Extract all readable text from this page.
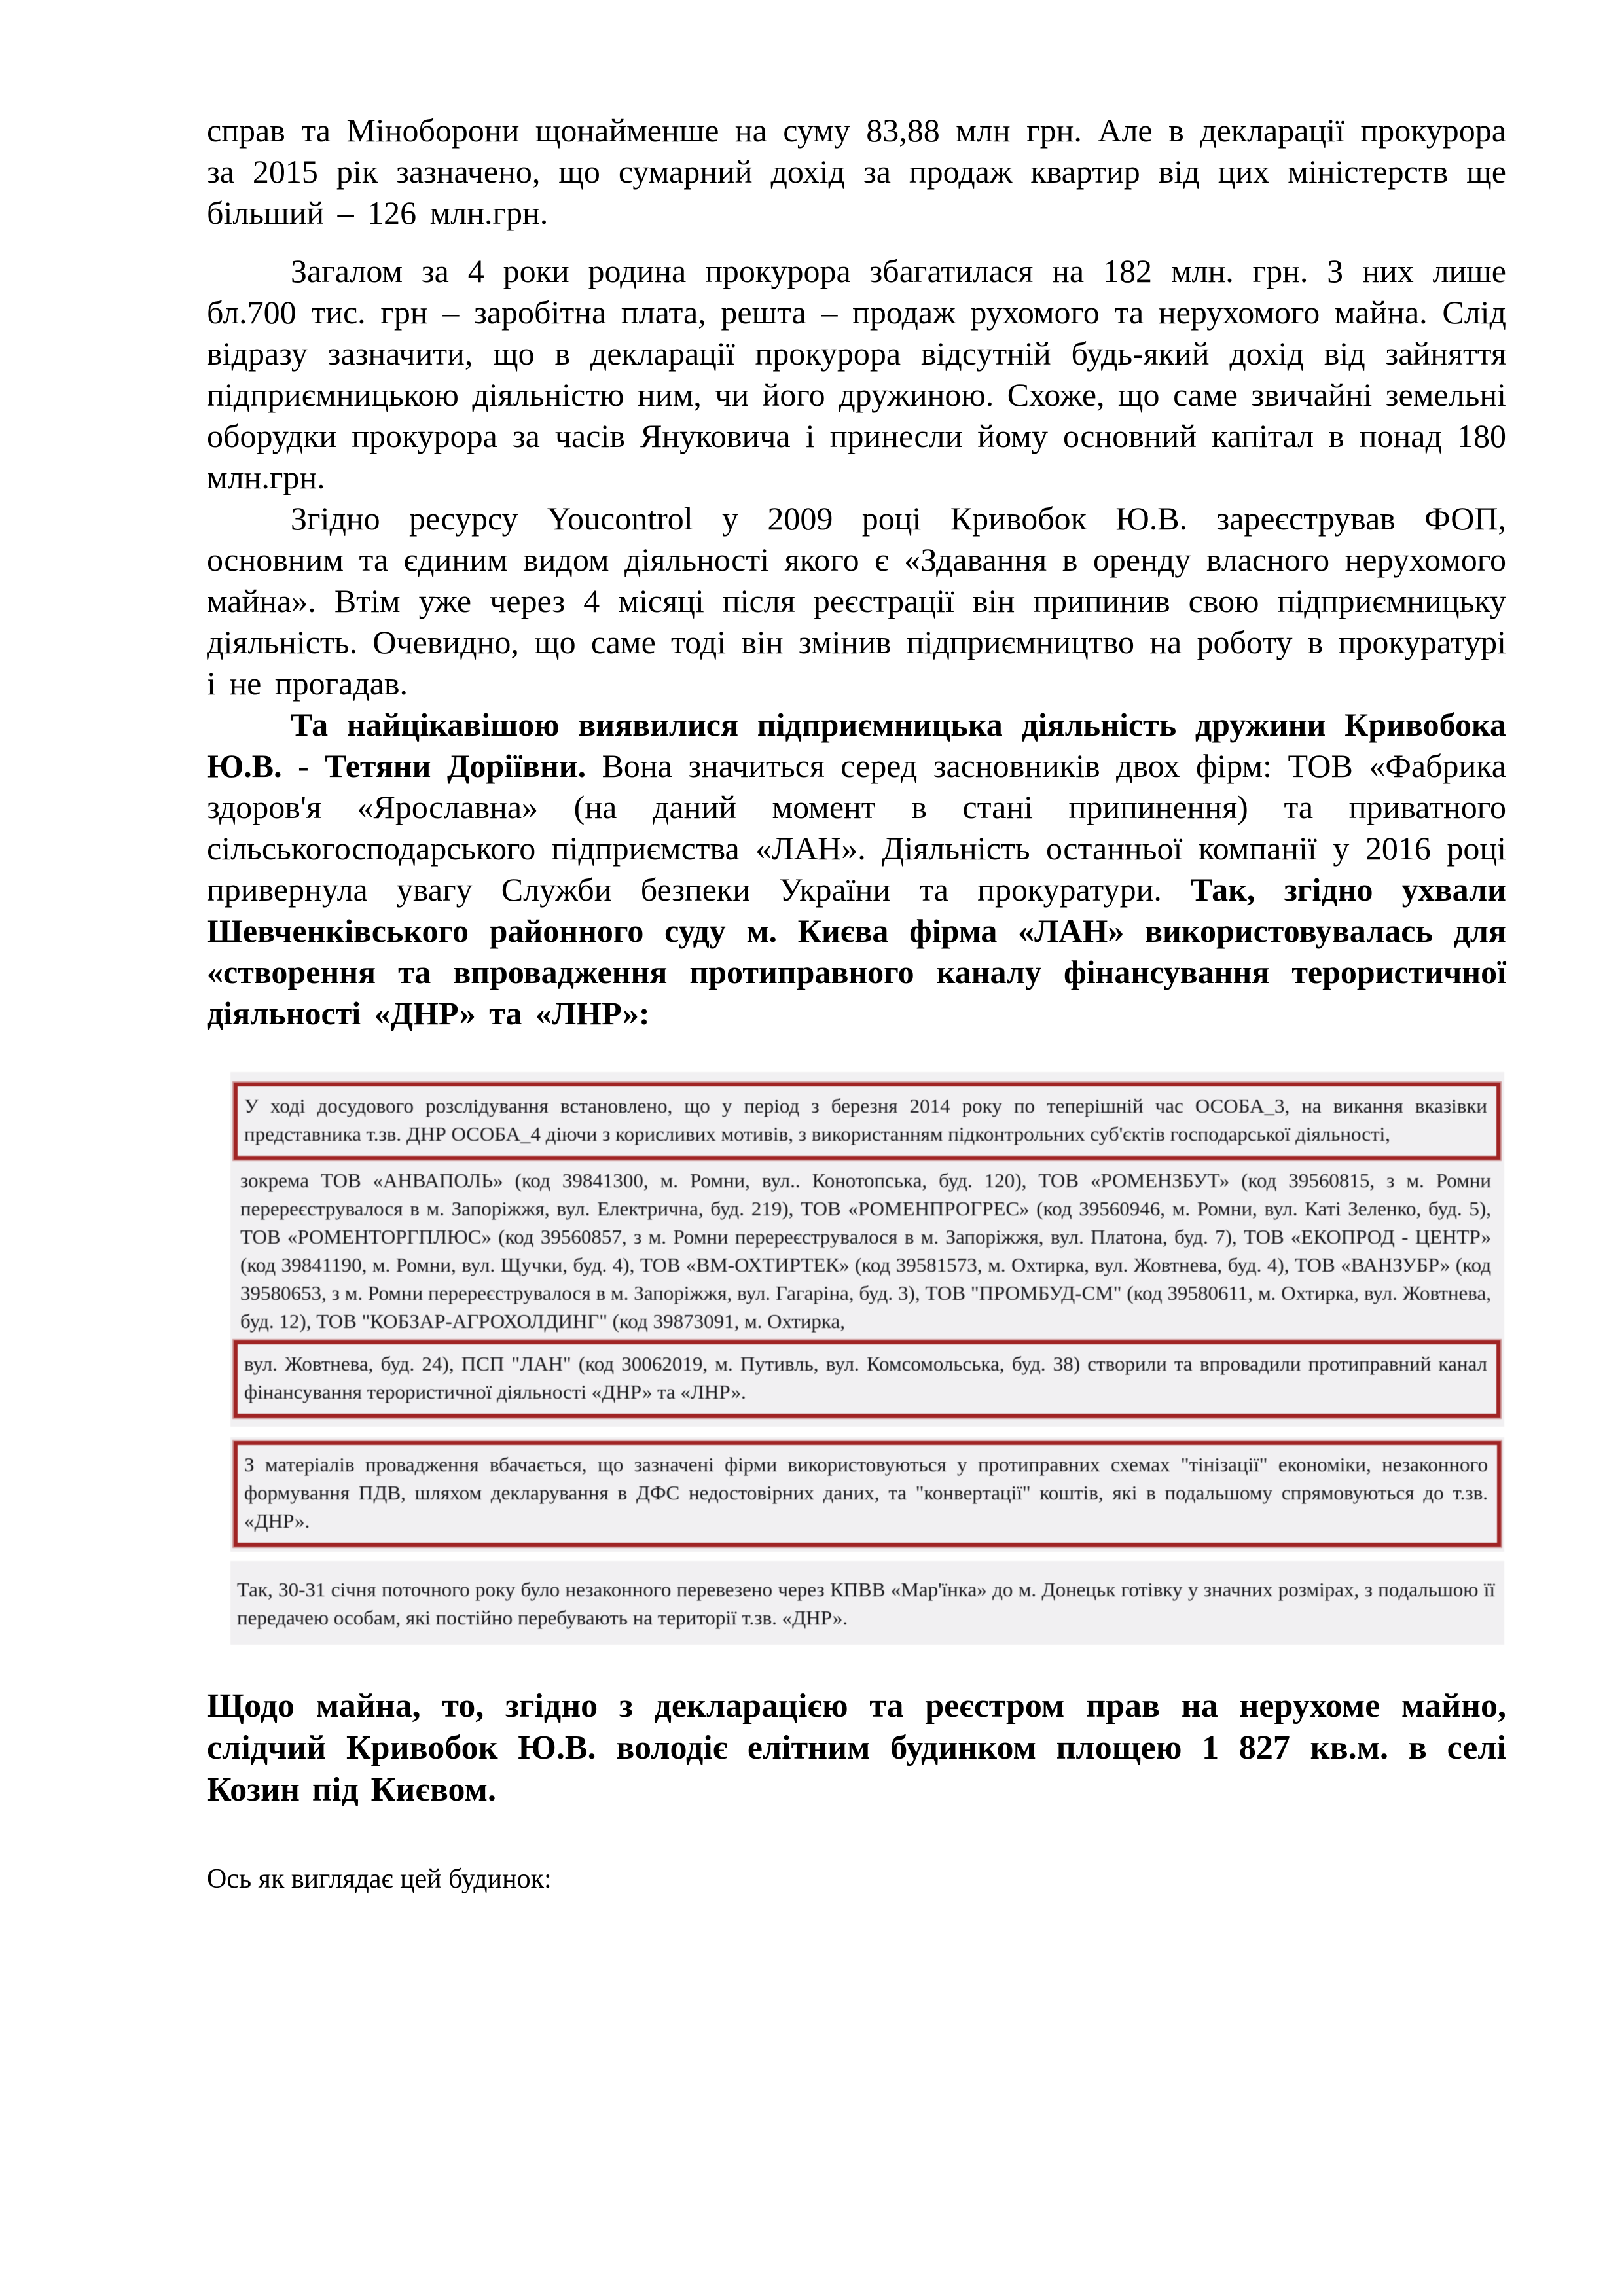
справ та Міноборони щонайменше на суму 83,88 млн грн. Але в декларації прокурора за 2015 рік зазначено, що сумарний дохід за продаж квартир від цих міністерств ще більший – 126 млн.грн.

Загалом за 4 роки родина прокурора збагатилася на 182 млн. грн. З них лише бл.700 тис. грн – заробітна плата, решта – продаж рухомого та нерухомого майна. Слід відразу зазначити, що в декларації прокурора відсутній будь-який дохід від зайняття підприємницькою діяльністю ним, чи його дружиною. Схоже, що саме звичайні земельні оборудки прокурора за часів Януковича і принесли йому основний капітал в понад 180 млн.грн.

Згідно ресурсу Youcontrol у 2009 році Кривобок Ю.В. зареєстрував ФОП, основним та єдиним видом діяльності якого є «Здавання в оренду власного нерухомого майна». Втім уже через 4 місяці після реєстрації він припинив свою підприємницьку діяльність. Очевидно, що саме тоді він змінив підприємництво на роботу в прокуратурі і не прогадав.

Та найцікавішою виявилися підприємницька діяльність дружини Кривобока Ю.В. - Тетяни Доріївни. Вона значиться серед засновників двох фірм: ТОВ «Фабрика здоров'я «Ярославна» (на даний момент в стані припинення) та приватного сільськогосподарського підприємства «ЛАН». Діяльність останньої компанії у 2016 році привернула увагу Служби безпеки України та прокуратури. Так, згідно ухвали Шевченківського районного суду м. Києва фірма «ЛАН» використовувалась для «створення та впровадження протиправного каналу фінансування терористичної діяльності «ДНР» та «ЛНР»:

У ході досудового розслідування встановлено, що у період з березня 2014 року по теперішній час ОСОБА_3, на викання вказівки представника т.зв. ДНР ОСОБА_4 діючи з корисливих мотивів, з використанням підконтрольних суб'єктів господарської діяльності,

зокрема ТОВ «АНВАПОЛЬ» (код 39841300, м. Ромни, вул.. Конотопська, буд. 120), ТОВ «РОМЕНЗБУТ» (код 39560815, з м. Ромни перереєструвалося в м. Запоріжжя, вул. Електрична, буд. 219), ТОВ «РОМЕНПРОГРЕС» (код 39560946, м. Ромни, вул. Каті Зеленко, буд. 5), ТОВ «РОМЕНТОРГПЛЮС» (код 39560857, з м. Ромни перереєструвалося в м. Запоріжжя, вул. Платона, буд. 7), ТОВ «ЕКОПРОД - ЦЕНТР» (код 39841190, м. Ромни, вул. Щучки, буд. 4), ТОВ «ВМ-ОХТИРТЕК» (код 39581573, м. Охтирка, вул. Жовтнева, буд. 4), ТОВ «ВАНЗУБР» (код 39580653, з м. Ромни перереєструвалося в м. Запоріжжя, вул. Гагаріна, буд. 3), ТОВ "ПРОМБУД-СМ" (код 39580611, м. Охтирка, вул. Жовтнева, буд. 12), ТОВ "КОБЗАР-АГРОХОЛДИНГ" (код 39873091, м. Охтирка,

вул. Жовтнева, буд. 24), ПСП "ЛАН" (код 30062019, м. Путивль, вул. Комсомольська, буд. 38) створили та впровадили протиправний канал фінансування терористичної діяльності «ДНР» та «ЛНР».

З матеріалів провадження вбачається, що зазначені фірми використовуються у протиправних схемах "тінізації" економіки, незаконного формування ПДВ, шляхом декларування в ДФС недостовірних даних, та "конвертації" коштів, які в подальшому спрямовуються до т.зв. «ДНР».

Так, 30-31 січня поточного року було незаконного перевезено через КПВВ «Мар'їнка» до м. Донецьк готівку у значних розмірах, з подальшою її передачею особам, які постійно перебувають на території т.зв. «ДНР».

Щодо майна, то, згідно з декларацією та реєстром прав на нерухоме майно, слідчий Кривобок Ю.В. володіє елітним будинком площею 1 827 кв.м. в селі Козин під Києвом.

Ось як виглядає цей будинок:
